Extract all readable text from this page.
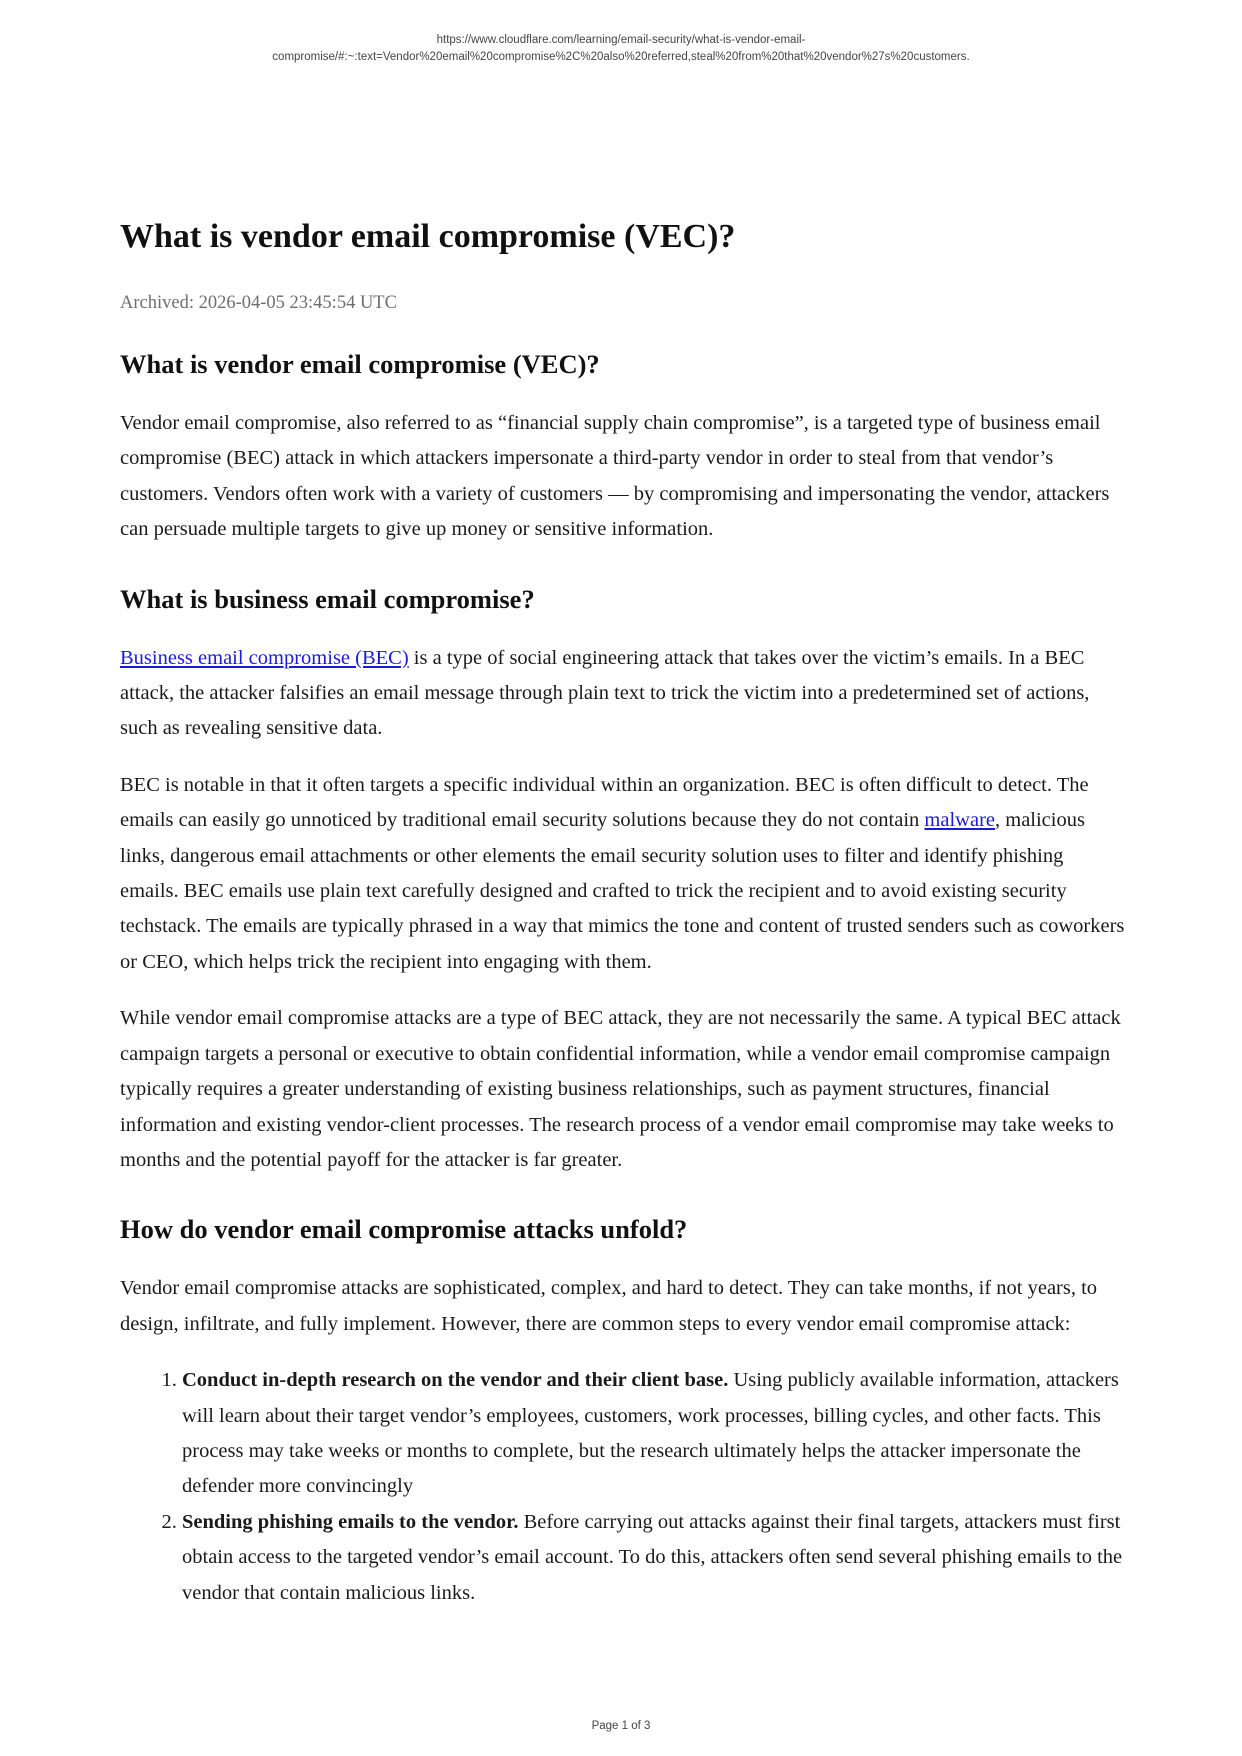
https://www.cloudflare.com/learning/email-security/what-is-vendor-email-
compromise/#:~:text=Vendor%20email%20compromise%2C%20also%20referred,steal%20from%20that%20vendor%27s%20customers.
What is vendor email compromise (VEC)?
Archived: 2026-04-05 23:45:54 UTC
What is vendor email compromise (VEC)?

Vendor email compromise, also referred to as “financial supply chain compromise”, is a targeted type of business email compromise (BEC) attack in which attackers impersonate a third-party vendor in order to steal from that vendor’s customers. Vendors often work with a variety of customers — by compromising and impersonating the vendor, attackers can persuade multiple targets to give up money or sensitive information.

What is business email compromise?

Business email compromise (BEC) is a type of social engineering attack that takes over the victim’s emails. In a BEC attack, the attacker falsifies an email message through plain text to trick the victim into a predetermined set of actions, such as revealing sensitive data.

BEC is notable in that it often targets a specific individual within an organization. BEC is often difficult to detect. The emails can easily go unnoticed by traditional email security solutions because they do not contain malware, malicious links, dangerous email attachments or other elements the email security solution uses to filter and identify phishing emails. BEC emails use plain text carefully designed and crafted to trick the recipient and to avoid existing security techstack. The emails are typically phrased in a way that mimics the tone and content of trusted senders such as coworkers or CEO, which helps trick the recipient into engaging with them.

While vendor email compromise attacks are a type of BEC attack, they are not necessarily the same. A typical BEC attack campaign targets a personal or executive to obtain confidential information, while a vendor email compromise campaign typically requires a greater understanding of existing business relationships, such as payment structures, financial information and existing vendor-client processes. The research process of a vendor email compromise may take weeks to months and the potential payoff for the attacker is far greater.

How do vendor email compromise attacks unfold?

Vendor email compromise attacks are sophisticated, complex, and hard to detect. They can take months, if not years, to design, infiltrate, and fully implement. However, there are common steps to every vendor email compromise attack:

1. Conduct in-depth research on the vendor and their client base. Using publicly available information, attackers will learn about their target vendor’s employees, customers, work processes, billing cycles, and other facts. This process may take weeks or months to complete, but the research ultimately helps the attacker impersonate the defender more convincingly
2. Sending phishing emails to the vendor. Before carrying out attacks against their final targets, attackers must first obtain access to the targeted vendor’s email account. To do this, attackers often send several phishing emails to the vendor that contain malicious links.
Page 1 of 3
